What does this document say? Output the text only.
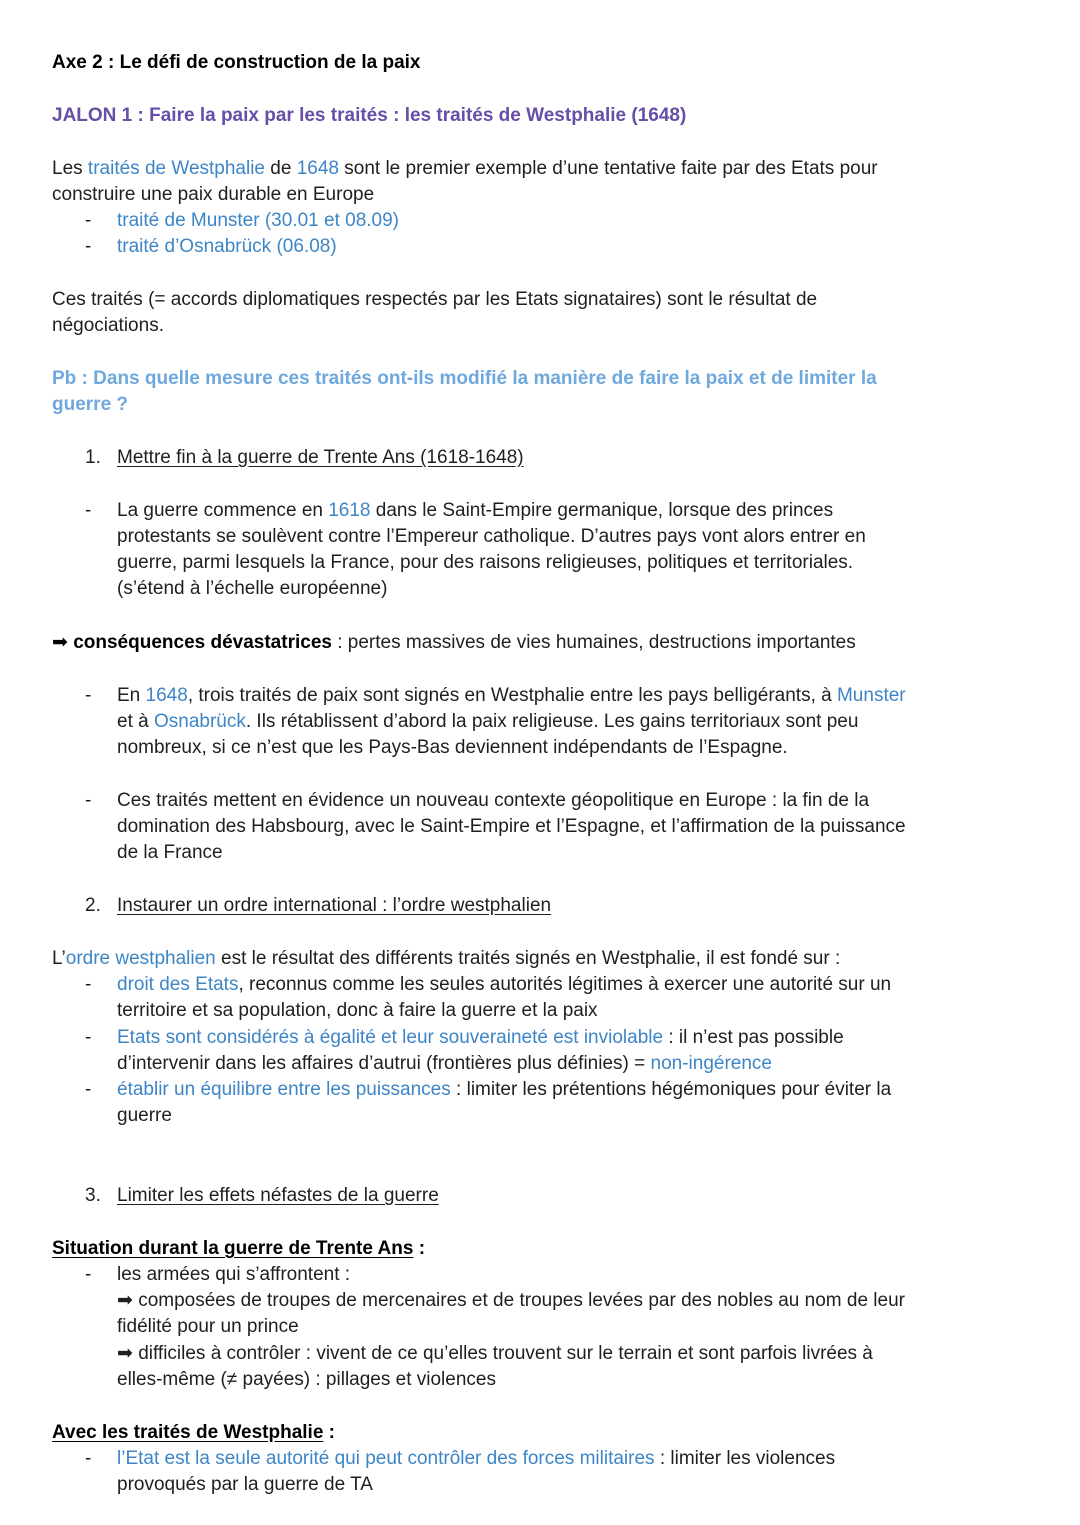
Axe 2 : Le défi de construction de la paix
JALON 1 : Faire la paix par les traités : les traités de Westphalie (1648)
Les traités de Westphalie de 1648 sont le premier exemple d’une tentative faite par des Etats pour
construire une paix durable en Europe
- traité de Munster (30.01 et 08.09)
- traité d’Osnabrück (06.08)
Ces traités (= accords diplomatiques respectés par les Etats signataires) sont le résultat de
négociations.
Pb : Dans quelle mesure ces traités ont-ils modifié la manière de faire la paix et de limiter la
guerre ?
1. Mettre fin à la guerre de Trente Ans (1618-1648)
- La guerre commence en 1618 dans le Saint-Empire germanique, lorsque des princes
protestants se soulèvent contre l’Empereur catholique. D’autres pays vont alors entrer en
guerre, parmi lesquels la France, pour des raisons religieuses, politiques et territoriales.
(s’étend à l’échelle européenne)
➡ conséquences dévastatrices : pertes massives de vies humaines, destructions importantes
- En 1648, trois traités de paix sont signés en Westphalie entre les pays belligérants, à Munster
et à Osnabrück. Ils rétablissent d’abord la paix religieuse. Les gains territoriaux sont peu
nombreux, si ce n’est que les Pays-Bas deviennent indépendants de l’Espagne.
- Ces traités mettent en évidence un nouveau contexte géopolitique en Europe : la fin de la
domination des Habsbourg, avec le Saint-Empire et l’Espagne, et l’affirmation de la puissance
de la France
2. Instaurer un ordre international : l’ordre westphalien
L’ordre westphalien est le résultat des différents traités signés en Westphalie, il est fondé sur :
- droit des Etats, reconnus comme les seules autorités légitimes à exercer une autorité sur un
territoire et sa population, donc à faire la guerre et la paix
- Etats sont considérés à égalité et leur souveraineté est inviolable : il n’est pas possible
d’intervenir dans les affaires d’autrui (frontières plus définies) = non-ingérence
- établir un équilibre entre les puissances : limiter les prétentions hégémoniques pour éviter la
guerre
3. Limiter les effets néfastes de la guerre
Situation durant la guerre de Trente Ans :
- les armées qui s’affrontent :
➡ composées de troupes de mercenaires et de troupes levées par des nobles au nom de leur
fidélité pour un prince
➡ difficiles à contrôler : vivent de ce qu’elles trouvent sur le terrain et sont parfois livrées à
elles-même (≠ payées) : pillages et violences
Avec les traités de Westphalie :
- l’Etat est la seule autorité qui peut contrôler des forces militaires : limiter les violences
provoqués par la guerre de TA
